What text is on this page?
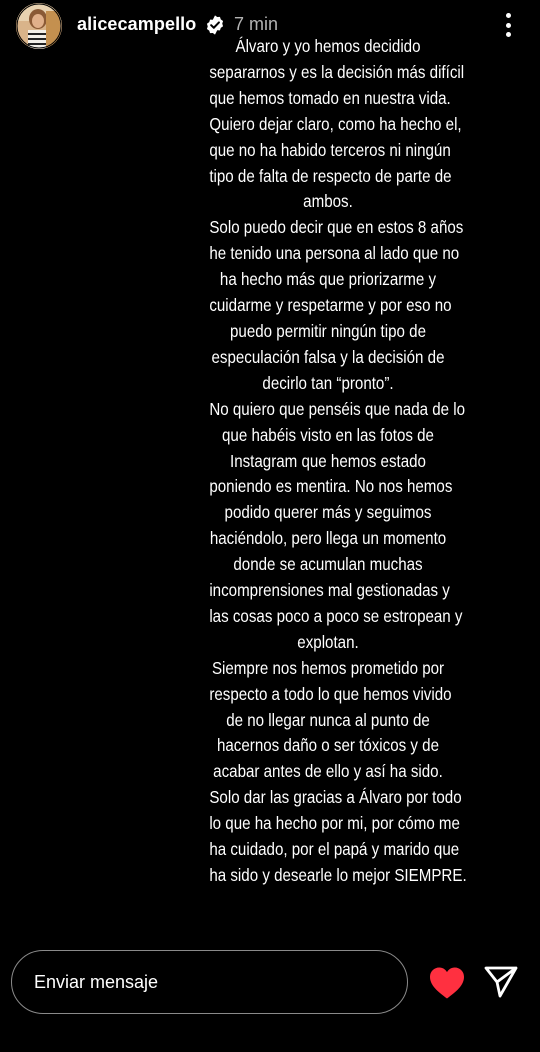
alicecampello 7 min

Álvaro y yo hemos decidido

separarnos y es la decisión más difícil

que hemos tomado en nuestra vida.

Quiero dejar claro, como ha hecho el,

que no ha habido terceros ni ningún

tipo de falta de respecto de parte de

ambos.

Solo puedo decir que en estos 8 años

he tenido una persona al lado que no

ha hecho más que priorizarme y

cuidarme y respetarme y por eso no

puedo permitir ningún tipo de

especulación falsa y la decisión de

decirlo tan “pronto”.

No quiero que penséis que nada de lo

que habéis visto en las fotos de

Instagram que hemos estado

poniendo es mentira. No nos hemos

podido querer más y seguimos

haciéndolo, pero llega un momento

donde se acumulan muchas

incomprensiones mal gestionadas y

las cosas poco a poco se estropean y

explotan.

Siempre nos hemos prometido por

respecto a todo lo que hemos vivido

de no llegar nunca al punto de

hacernos daño o ser tóxicos y de

acabar antes de ello y así ha sido.

Solo dar las gracias a Álvaro por todo

lo que ha hecho por mi, por cómo me

ha cuidado, por el papá y marido que

ha sido y desearle lo mejor SIEMPRE.

Enviar mensaje
